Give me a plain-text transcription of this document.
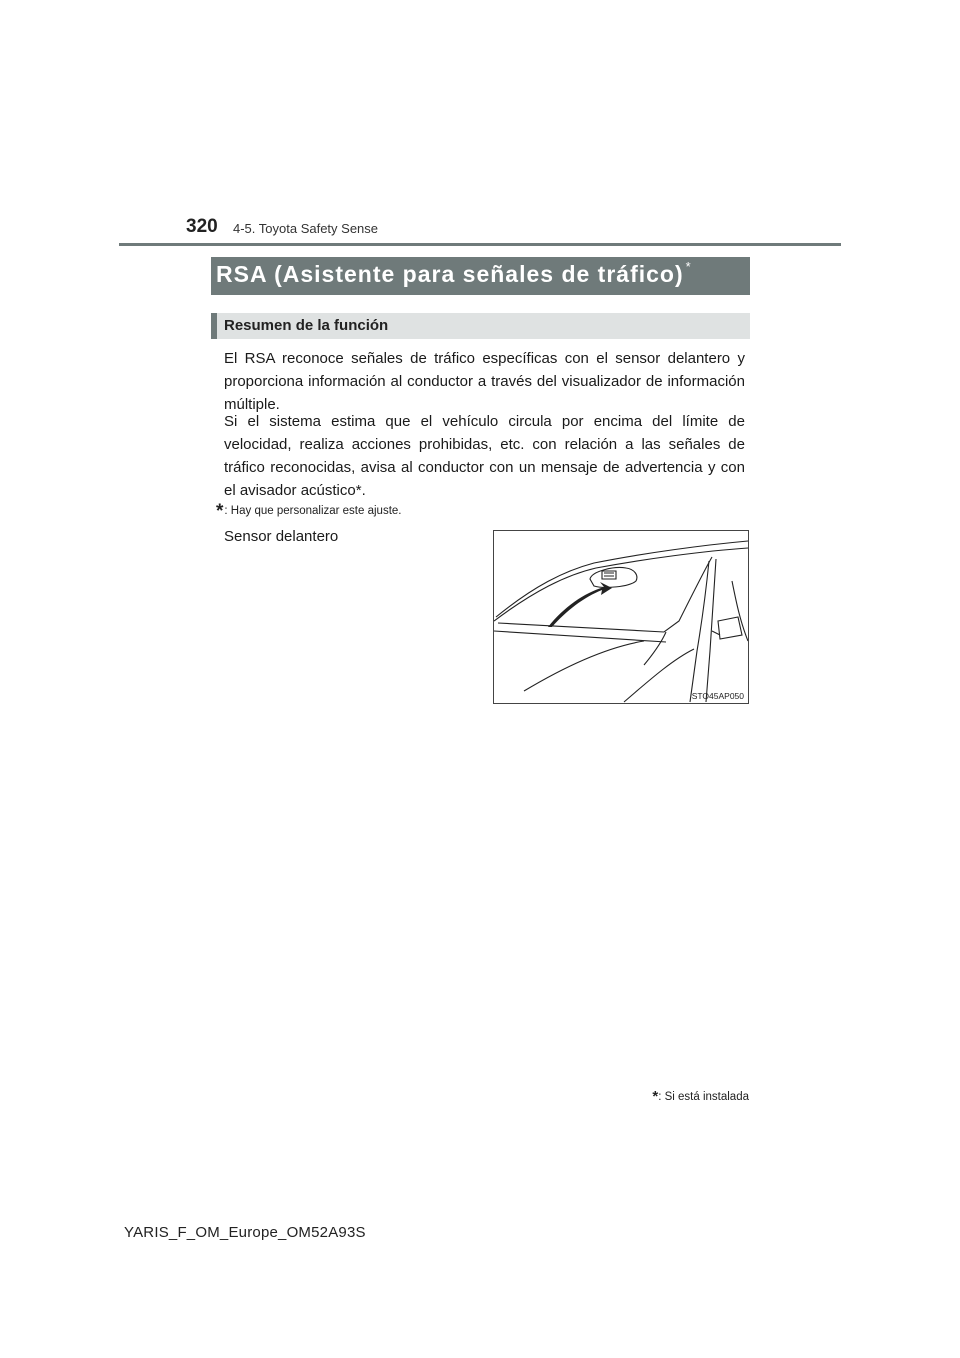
320 4-5. Toyota Safety Sense
RSA (Asistente para señales de tráfico) *
Resumen de la función
El RSA reconoce señales de tráfico específicas con el sensor delantero y proporciona información al conductor a través del visualizador de información múltiple.
Si el sistema estima que el vehículo circula por encima del límite de velocidad, realiza acciones prohibidas, etc. con relación a las señales de tráfico reconocidas, avisa al conductor con un mensaje de advertencia y con el avisador acústico*.
*: Hay que personalizar este ajuste.
Sensor delantero
STO45AP050
*: Si está instalada
YARIS_F_OM_Europe_OM52A93S
